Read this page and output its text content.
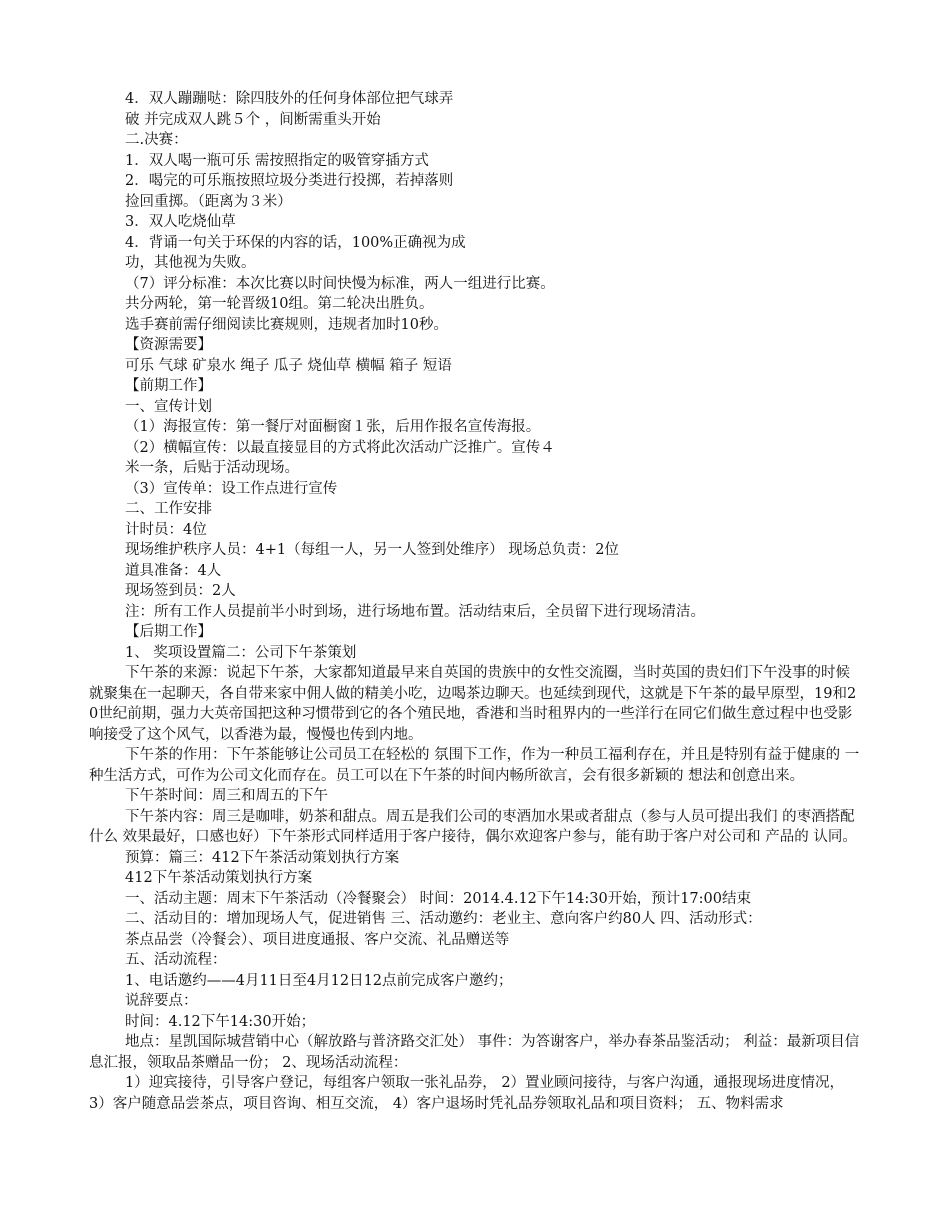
4．双人蹦蹦哒：除四肢外的任何身体部位把气球弄

破 并完成双人跳５个 ，间断需重头开始

二.决赛：

1．双人喝一瓶可乐 需按照指定的吸管穿插方式

2．喝完的可乐瓶按照垃圾分类进行投掷，若掉落则

捡回重掷。（距离为３米）

3．双人吃烧仙草

4．背诵一句关于环保的内容的话，100%正确视为成

功，其他视为失败。

（7）评分标准：本次比赛以时间快慢为标准，两人一组进行比赛。

共分两轮，第一轮晋级10组。第二轮决出胜负。

选手赛前需仔细阅读比赛规则，违规者加时10秒。

【资源需要】

可乐 气球 矿泉水 绳子 瓜子 烧仙草 横幅 箱子 短语

【前期工作】

一、宣传计划

（1）海报宣传：第一餐厅对面橱窗１张，后用作报名宣传海报。

（2）横幅宣传：以最直接显目的方式将此次活动广泛推广。宣传４

米一条，后贴于活动现场。

（3）宣传单：设工作点进行宣传

二、工作安排

计时员：4位

现场维护秩序人员：4+1（每组一人，另一人签到处维序） 现场总负责：2位

道具准备：4人

现场签到员：2人

注：所有工作人员提前半小时到场，进行场地布置。活动结束后，全员留下进行现场清洁。

【后期工作】

1、 奖项设置篇二：公司下午茶策划

下午茶的来源：说起下午茶，大家都知道最早来自英国的贵族中的女性交流圈，当时英国的贵妇们下午没事的时候就聚集在一起聊天，各自带来家中佣人做的精美小吃，边喝茶边聊天。也延续到现代，这就是下午茶的最早原型，19和20世纪前期，强力大英帝国把这种习惯带到它的各个殖民地，香港和当时租界内的一些洋行在同它们做生意过程中也受影响接受了这个风气，以香港为最，慢慢也传到内地。

下午茶的作用：下午茶能够让公司员工在轻松的 氛围下工作，作为一种员工福利存在，并且是特别有益于健康的 一种生活方式，可作为公司文化而存在。员工可以在下午茶的时间内畅所欲言，会有很多新颖的 想法和创意出来。

下午茶时间：周三和周五的下午

下午茶内容：周三是咖啡，奶茶和甜点。周五是我们公司的枣酒加水果或者甜点（参与人员可提出我们 的枣酒搭配什么 效果最好，口感也好）下午茶形式同样适用于客户接待，偶尔欢迎客户参与，能有助于客户对公司和 产品的 认同。

预算：篇三：412下午茶活动策划执行方案

412下午茶活动策划执行方案

一、活动主题：周末下午茶活动（冷餐聚会） 时间：2014.4.12下午14:30开始，预计17:00结束

二、活动目的：增加现场人气，促进销售 三、活动邀约：老业主、意向客户约80人 四、活动形式：

茶点品尝（冷餐会）、项目进度通报、客户交流、礼品赠送等

五、活动流程：

1、电话邀约——4月11日至4月12日12点前完成客户邀约；

说辞要点：

时间：4.12下午14:30开始；

地点：星凯国际城营销中心（解放路与普济路交汇处） 事件：为答谢客户，举办春茶品鉴活动； 利益：最新项目信息汇报，领取品茶赠品一份； 2、现场活动流程：

1）迎宾接待，引导客户登记，每组客户领取一张礼品券， 2）置业顾问接待，与客户沟通，通报现场进度情况， 3）客户随意品尝茶点，项目咨询、相互交流， 4）客户退场时凭礼品券领取礼品和项目资料； 五、物料需求
